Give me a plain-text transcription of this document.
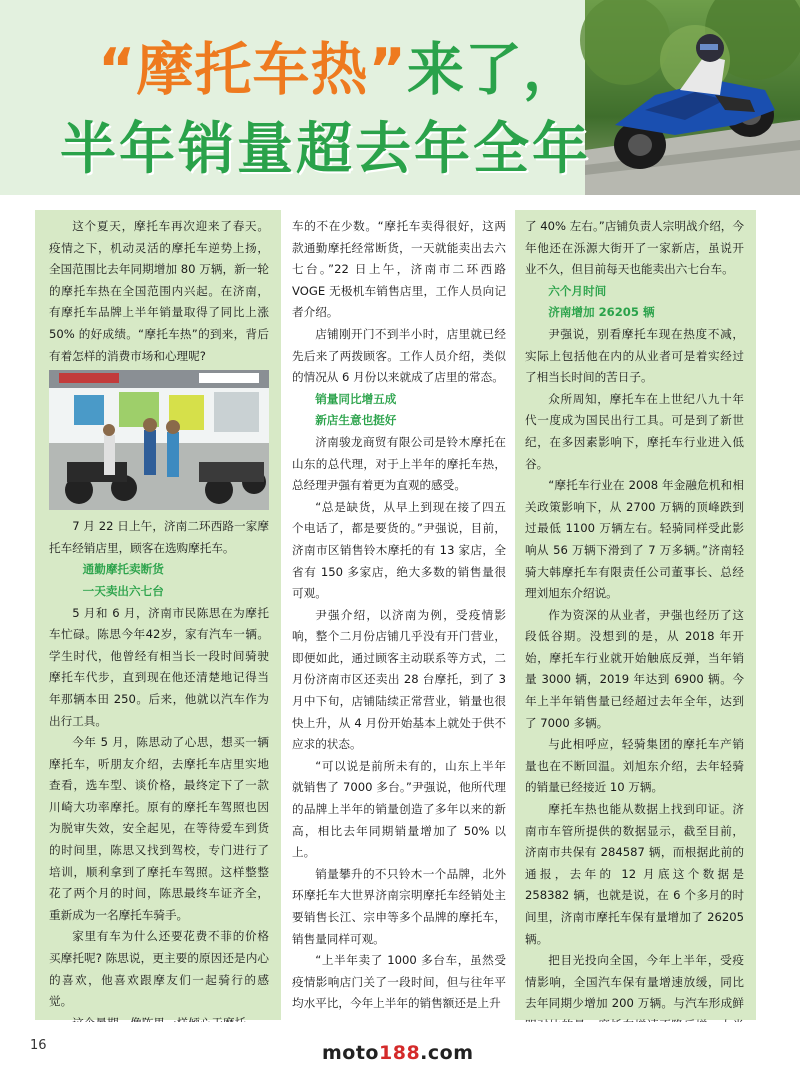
“摩托车热”来了，
半年销量超去年全年

这个夏天，摩托车再次迎来了春天。疫情之下，机动灵活的摩托车逆势上扬，全国范围比去年同期增加 80 万辆，新一轮的摩托车热在全国范围内兴起。在济南，有摩托车品牌上半年销量取得了同比上涨50% 的好成绩。“摩托车热”的到来，背后有着怎样的消费市场和心理呢?

7 月 22 日上午，济南二环西路一家摩托车经销店里，顾客在选购摩托车。

通勤摩托卖断货

一天卖出六七台

5 月和 6 月，济南市民陈思在为摩托车忙碌。陈思今年42岁，家有汽车一辆。学生时代，他曾经有相当长一段时间骑驶摩托车代步，直到现在他还清楚地记得当年那辆本田 250。后来，他就以汽车作为出行工具。

今年 5 月，陈思动了心思，想买一辆摩托车，听朋友介绍，去摩托车店里实地查看，选车型、谈价格，最终定下了一款川崎大功率摩托。原有的摩托车驾照也因为脱审失效，安全起见，在等待爱车到货的时间里，陈思又找到驾校，专门进行了培训，顺利拿到了摩托车驾照。这样整整花了两个月的时间，陈思最终车证齐全，重新成为一名摩托车骑手。

家里有车为什么还要花费不菲的价格买摩托呢? 陈思说，更主要的原因还是内心的喜欢，他喜欢跟摩友们一起骑行的感觉。

车的不在少数。“摩托车卖得很好，这两款通勤摩托经常断货，一天就能卖出去六七台。”22 日上午，济南市二环西路 VOGE 无极机车销售店里，工作人员向记者介绍。

店铺刚开门不到半小时，店里就已经先后来了两拨顾客。工作人员介绍，类似的情况从 6 月份以来就成了店里的常态。

销量同比增五成

新店生意也挺好

济南骏龙商贸有限公司是铃木摩托在山东的总代理，对于上半年的摩托车热，总经理尹强有着更为直观的感受。

“总是缺货，从早上到现在接了四五个电话了，都是要货的。”尹强说，目前，济南市区销售铃木摩托的有 13 家店，全省有 150 多家店，绝大多数的销售量很可观。

尹强介绍，以济南为例，受疫情影响，整个二月份店铺几乎没有开门营业，即便如此，通过顾客主动联系等方式，二月份济南市区还卖出 28 台摩托，到了 3 月中下旬，店铺陆续正常营业，销量也很快上升，从 4 月份开始基本上就处于供不应求的状态。

“可以说是前所未有的，山东上半年就销售了 7000 多台。”尹强说，他所代理的品牌上半年的销量创造了多年以来的新高，相比去年同期销量增加了 50% 以上。

销量攀升的不只铃木一个品牌，北外环摩托车大世界济南宗明摩托车经销处主要销售长江、宗申等多个品牌的摩托车，销售量同样可观。

“上半年卖了 1000 多台车，虽然受疫情影响店门关了一段时间，但与往年平均水平比，今年上半年的销售额还是上升

了 40% 左右。”店铺负责人宗明战介绍，今年他还在泺源大街开了一家新店，虽说开业不久，但目前每天也能卖出六七台车。

六个月时间

济南增加 26205 辆

尹强说，别看摩托车现在热度不减，实际上包括他在内的从业者可是着实经过了相当长时间的苦日子。

众所周知，摩托车在上世纪八九十年代一度成为国民出行工具。可是到了新世纪，在多因素影响下，摩托车行业进入低谷。

“摩托车行业在 2008 年金融危机和相关政策影响下，从 2700 万辆的顶峰跌到过最低 1100 万辆左右。轻骑同样受此影响从 56 万辆下滑到了 7 万多辆。”济南轻骑大韩摩托车有限责任公司董事长、总经理刘旭东介绍说。

作为资深的从业者，尹强也经历了这段低谷期。没想到的是，从 2018 年开始，摩托车行业就开始触底反弹，当年销量 3000 辆，2019 年达到 6900 辆。今年上半年销售量已经超过去年全年，达到了 7000 多辆。

与此相呼应，轻骑集团的摩托车产销量也在不断回温。刘旭东介绍，去年轻骑的销量已经接近 10 万辆。

摩托车热也能从数据上找到印证。济南市车管所提供的数据显示，截至目前，济南市共保有 284587 辆，而根据此前的通报，去年的 12 月底这个数据是 258382 辆，也就是说，在 6 个多月的时间里，济南市摩托车保有量增加了 26205 辆。

把目光投向全国，今年上半年，受疫情影响，全国汽车保有量增速放缓，同比去年同期少增加 200 万辆。与汽车形成鲜

16	moto188.com
